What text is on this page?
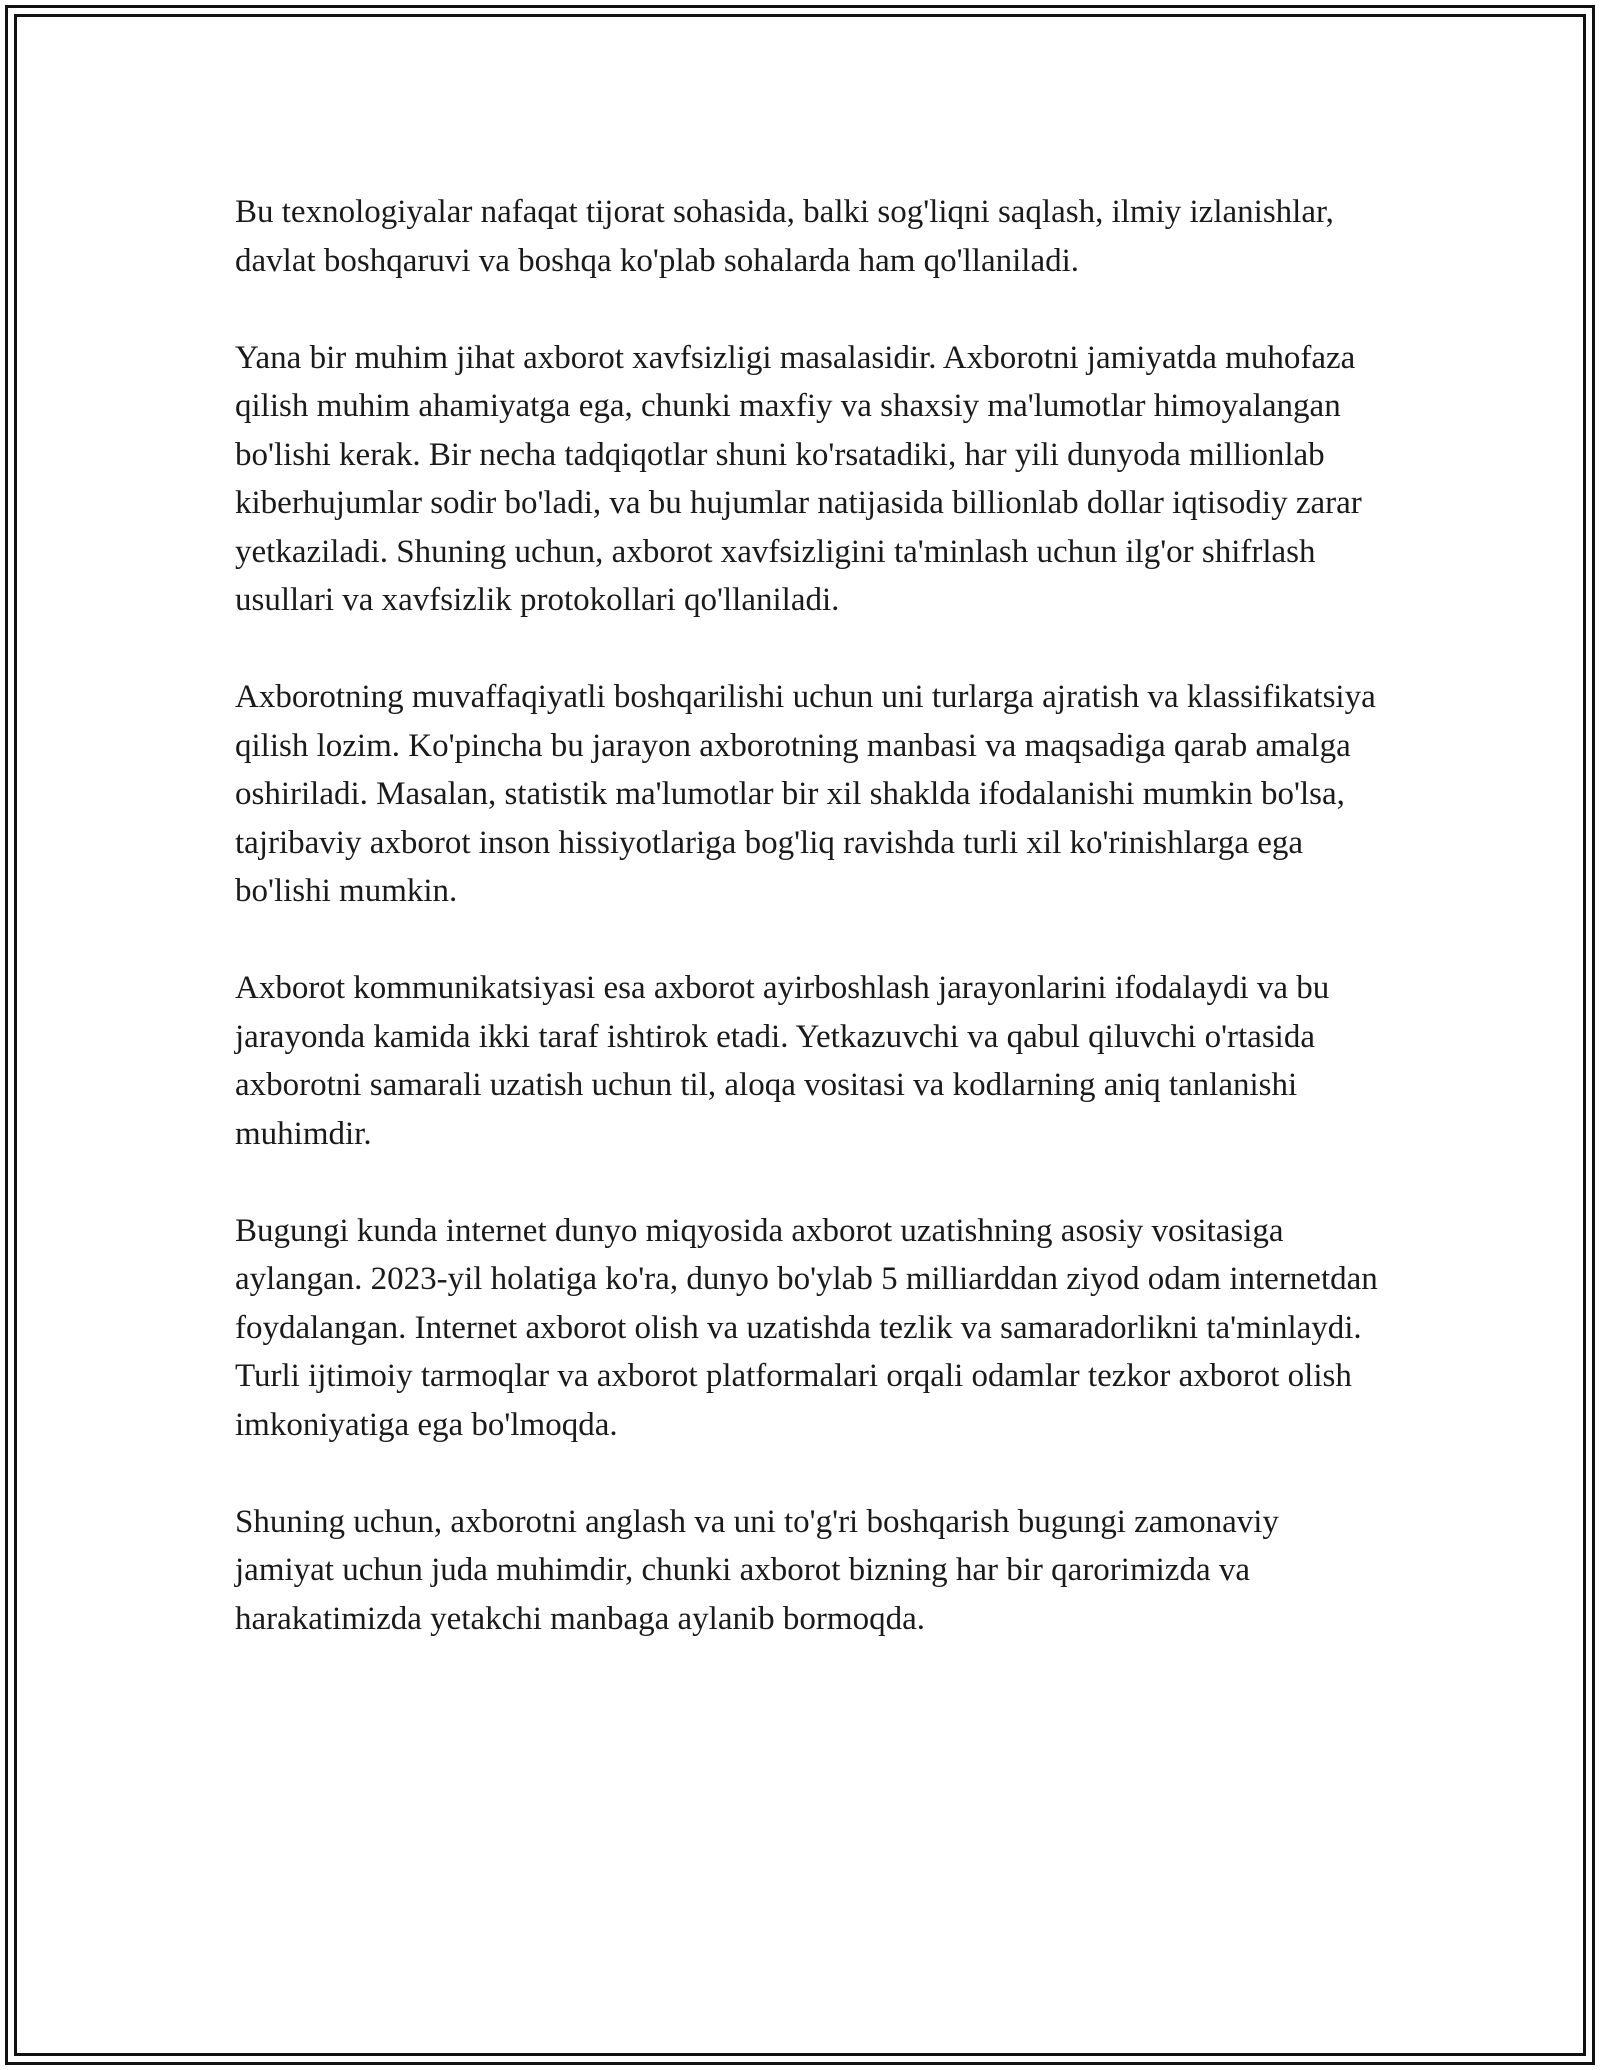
Bu texnologiyalar nafaqat tijorat sohasida, balki sog'liqni saqlash, ilmiy izlanishlar, davlat boshqaruvi va boshqa ko'plab sohalarda ham qo'llaniladi.

Yana bir muhim jihat axborot xavfsizligi masalasidir. Axborotni jamiyatda muhofaza qilish muhim ahamiyatga ega, chunki maxfiy va shaxsiy ma'lumotlar himoyalangan bo'lishi kerak. Bir necha tadqiqotlar shuni ko'rsatadiki, har yili dunyoda millionlab kiberhujumlar sodir bo'ladi, va bu hujumlar natijasida billionlab dollar iqtisodiy zarar yetkaziladi. Shuning uchun, axborot xavfsizligini ta'minlash uchun ilg'or shifrlash usullari va xavfsizlik protokollari qo'llaniladi.

Axborotning muvaffaqiyatli boshqarilishi uchun uni turlarga ajratish va klassifikatsiya qilish lozim. Ko'pincha bu jarayon axborotning manbasi va maqsadiga qarab amalga oshiriladi. Masalan, statistik ma'lumotlar bir xil shaklda ifodalanishi mumkin bo'lsa, tajribaviy axborot inson hissiyotlariga bog'liq ravishda turli xil ko'rinishlarga ega bo'lishi mumkin.

Axborot kommunikatsiyasi esa axborot ayirboshlash jarayonlarini ifodalaydi va bu jarayonda kamida ikki taraf ishtirok etadi. Yetkazuvchi va qabul qiluvchi o'rtasida axborotni samarali uzatish uchun til, aloqa vositasi va kodlarning aniq tanlanishi muhimdir.

Bugungi kunda internet dunyo miqyosida axborot uzatishning asosiy vositasiga aylangan. 2023-yil holatiga ko'ra, dunyo bo'ylab 5 milliarddan ziyod odam internetdan foydalangan. Internet axborot olish va uzatishda tezlik va samaradorlikni ta'minlaydi. Turli ijtimoiy tarmoqlar va axborot platformalari orqali odamlar tezkor axborot olish imkoniyatiga ega bo'lmoqda.

Shuning uchun, axborotni anglash va uni to'g'ri boshqarish bugungi zamonaviy jamiyat uchun juda muhimdir, chunki axborot bizning har bir qarorimizda va harakatimizda yetakchi manbaga aylanib bormoqda.
